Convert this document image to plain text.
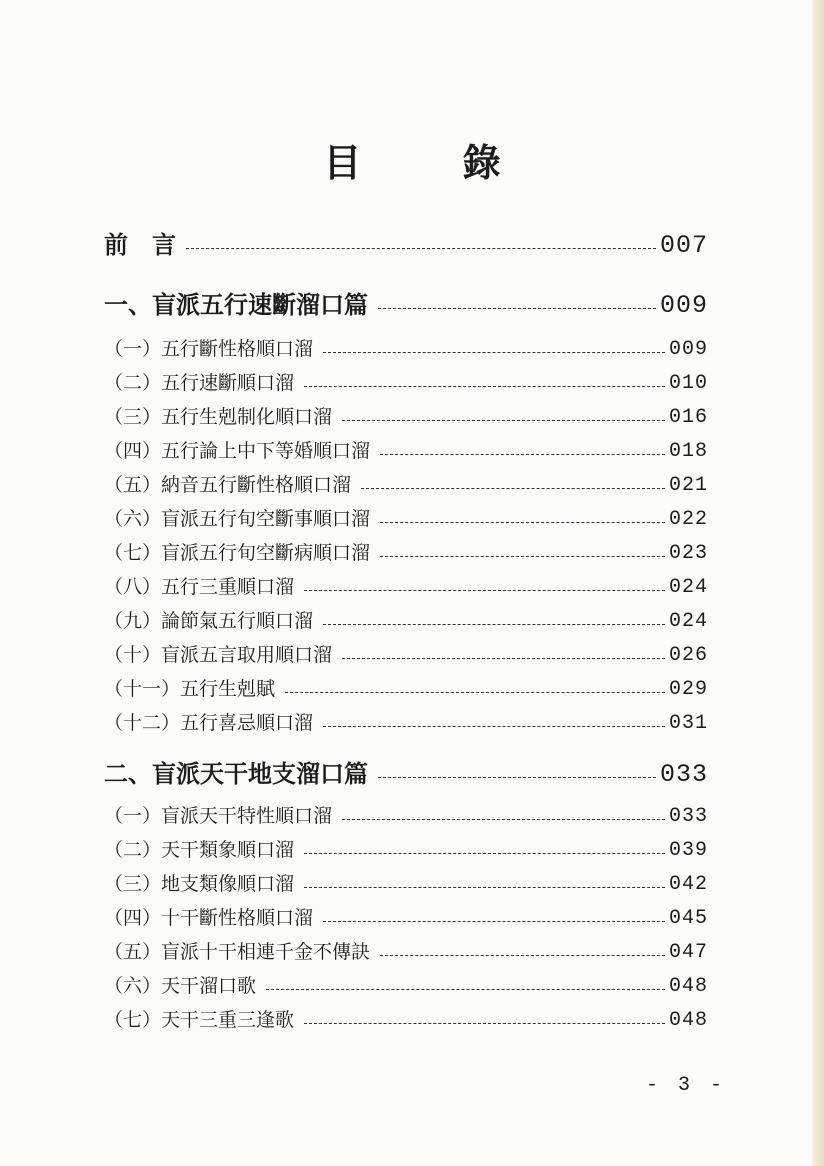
目 錄
前　言	007
一、盲派五行速斷溜口篇	009
（一）五行斷性格順口溜	009
（二）五行速斷順口溜	010
（三）五行生剋制化順口溜	016
（四）五行論上中下等婚順口溜	018
（五）納音五行斷性格順口溜	021
（六）盲派五行旬空斷事順口溜	022
（七）盲派五行旬空斷病順口溜	023
（八）五行三重順口溜	024
（九）論節氣五行順口溜	024
（十）盲派五言取用順口溜	026
（十一）五行生剋賦	029
（十二）五行喜忌順口溜	031
二、盲派天干地支溜口篇	033
（一）盲派天干特性順口溜	033
（二）天干類象順口溜	039
（三）地支類像順口溜	042
（四）十干斷性格順口溜	045
（五）盲派十干相連千金不傳訣	047
（六）天干溜口歌	048
（七）天干三重三逢歌	048
- 3 -
